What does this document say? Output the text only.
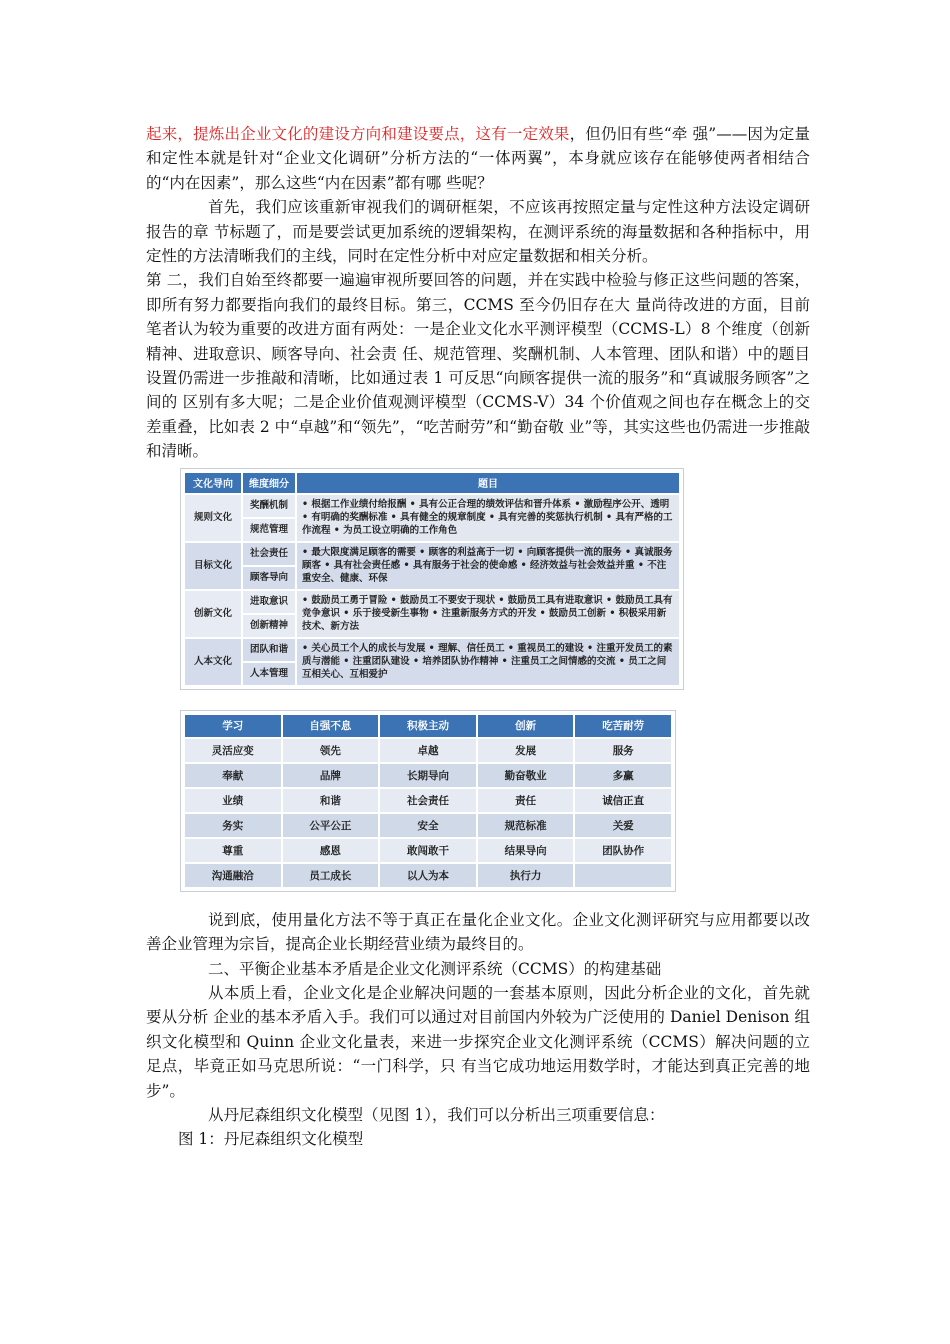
起来，提炼出企业文化的建设方向和建设要点，这有一定效果，但仍旧有些“牵 强”——因为定量和定性本就是针对“企业文化调研”分析方法的“一体两翼”，本身就应该存在能够使两者相结合的“内在因素”，那么这些“内在因素”都有哪 些呢？

首先，我们应该重新审视我们的调研框架，不应该再按照定量与定性这种方法设定调研报告的章 节标题了，而是要尝试更加系统的逻辑架构，在测评系统的海量数据和各种指标中，用定性的方法清晰我们的主线，同时在定性分析中对应定量数据和相关分析。

第 二，我们自始至终都要一遍遍审视所要回答的问题，并在实践中检验与修正这些问题的答案，即所有努力都要指向我们的最终目标。第三，CCMS 至今仍旧存在大 量尚待改进的方面，目前笔者认为较为重要的改进方面有两处：一是企业文化水平测评模型（CCMS-L）8 个维度（创新精神、进取意识、顾客导向、社会责 任、规范管理、奖酬机制、人本管理、团队和谐）中的题目设置仍需进一步推敲和清晰，比如通过表 1 可反思“向顾客提供一流的服务”和“真诚服务顾客”之间的 区别有多大呢；二是企业价值观测评模型（CCMS-V）34 个价值观之间也存在概念上的交差重叠，比如表 2 中“卓越”和“领先”，“吃苦耐劳”和“勤奋敬 业”等，其实这些也仍需进一步推敲和清晰。

文化导向	维度细分	题目
规则文化	奖酬机制	• 根据工作业绩付给报酬 • 具有公正合理的绩效评估和晋升体系 • 激励程序公开、透明 • 有明确的奖酬标准 • 具有健全的规章制度 • 具有完善的奖惩执行机制 • 具有严格的工作流程 • 为员工设立明确的工作角色
	规范管理	
目标文化	社会责任	• 最大限度满足顾客的需要 • 顾客的利益高于一切 • 向顾客提供一流的服务 • 真诚服务顾客 • 具有社会责任感 • 具有服务于社会的使命感 • 经济效益与社会效益并重 • 不注重安全、健康、环保
	顾客导向	
创新文化	进取意识	• 鼓励员工勇于冒险 • 鼓励员工不要安于现状 • 鼓励员工具有进取意识 • 鼓励员工具有竞争意识 • 乐于接受新生事物 • 注重新服务方式的开发 • 鼓励员工创新 • 积极采用新技术、新方法
	创新精神	
人本文化	团队和谐	• 关心员工个人的成长与发展 • 理解、信任员工 • 重视员工的建设 • 注重开发员工的素质与潜能 • 注重团队建设 • 培养团队协作精神 • 注重员工之间情感的交流 • 员工之间互相关心、互相爱护
	人本管理	
学习	自强不息	积极主动	创新	吃苦耐劳
灵活应变	领先	卓越	发展	服务
奉献	品牌	长期导向	勤奋敬业	多赢
业绩	和谐	社会责任	责任	诚信正直
务实	公平公正	安全	规范标准	关爱
尊重	感恩	敢闯敢干	结果导向	团队协作
沟通融洽	员工成长	以人为本	执行力	

说到底，使用量化方法不等于真正在量化企业文化。企业文化测评研究与应用都要以改善企业管理为宗旨，提高企业长期经营业绩为最终目的。

二、平衡企业基本矛盾是企业文化测评系统（CCMS）的构建基础

从本质上看，企业文化是企业解决问题的一套基本原则，因此分析企业的文化，首先就要从分析 企业的基本矛盾入手。我们可以通过对目前国内外较为广泛使用的 Daniel Denison 组织文化模型和 Quinn 企业文化量表，来进一步探究企业文化测评系统（CCMS）解决问题的立足点，毕竟正如马克思所说：“一门科学，只 有当它成功地运用数学时，才能达到真正完善的地步”。

从丹尼森组织文化模型（见图 1），我们可以分析出三项重要信息：

图 1：丹尼森组织文化模型
